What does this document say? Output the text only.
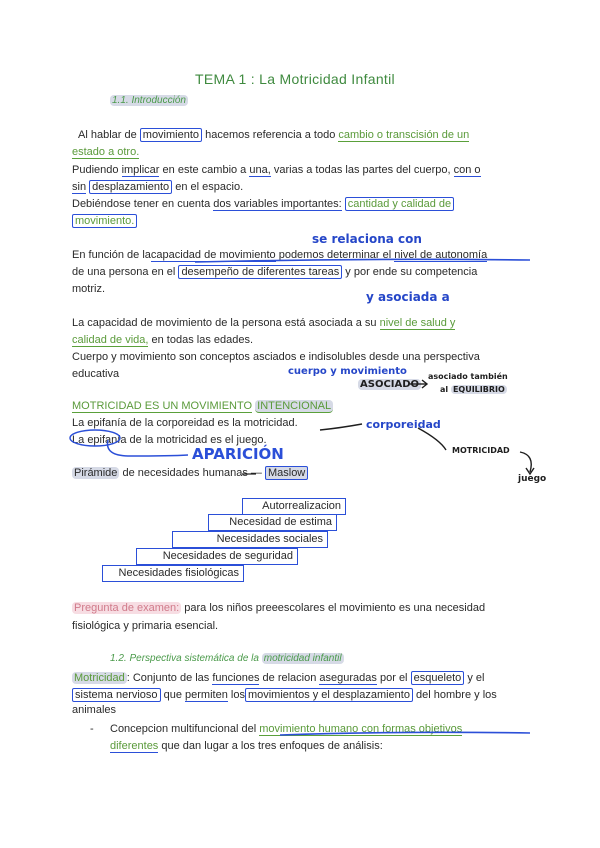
TEMA 1 : La Motricidad Infantil
1.1. Introducción
Al hablar de movimiento hacemos referencia a todo cambio o transcisión de un
estado a otro.
Pudiendo implicar en este cambio a una, varias a todas las partes del cuerpo, con o
sin desplazamiento en el espacio.
Debiéndose tener en cuenta dos variables importantes: cantidad y calidad de
movimiento.
se relaciona con
En función de lacapacidad de movimiento podemos determinar el nivel de autonomía
de una persona en el desempeño de diferentes tareas y por ende su competencia
motriz.
y asociada a
La capacidad de movimiento de la persona está asociada a su nivel de salud y
calidad de vida, en todas las edades.
Cuerpo y movimiento son conceptos asciados e indisolubles desde una perspectiva
educativa	cuerpo y movimiento
ASOCIADO
asociado también
al EQUILIBRIO
MOTRICIDAD ES UN MOVIMIENTO INTENCIONAL
La epifanía de la corporeidad es la motricidad.
La epifanía de la motricidad es el juego.
Pirámide de necesidades humanas — Maslow
corporeidad
APARICIÓN	MOTRICIDAD
juego
Autorrealizacion
Necesidad de estima
Necesidades sociales
Necesidades de seguridad
Necesidades fisiológicas
Pregunta de examen: para los niños preeescolares el movimiento es una necesidad
fisiológica y primaria esencial.
1.2. Perspectiva sistemática de la motricidad infantil
Motricidad : Conjunto de las funciones de relacion aseguradas por el esqueleto y el
sistema nervioso que permiten los movimientos y el desplazamiento del hombre y los
animales
- Concepcion multifuncional del movimiento humano con formas objetivos
diferentes que dan lugar a los tres enfoques de análisis:
